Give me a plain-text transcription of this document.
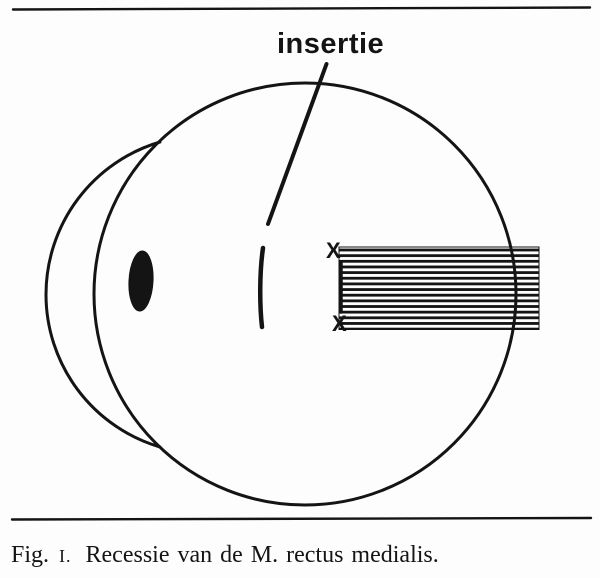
insertie
X
X
Fig. I. Recessie van de M. rectus medialis.
